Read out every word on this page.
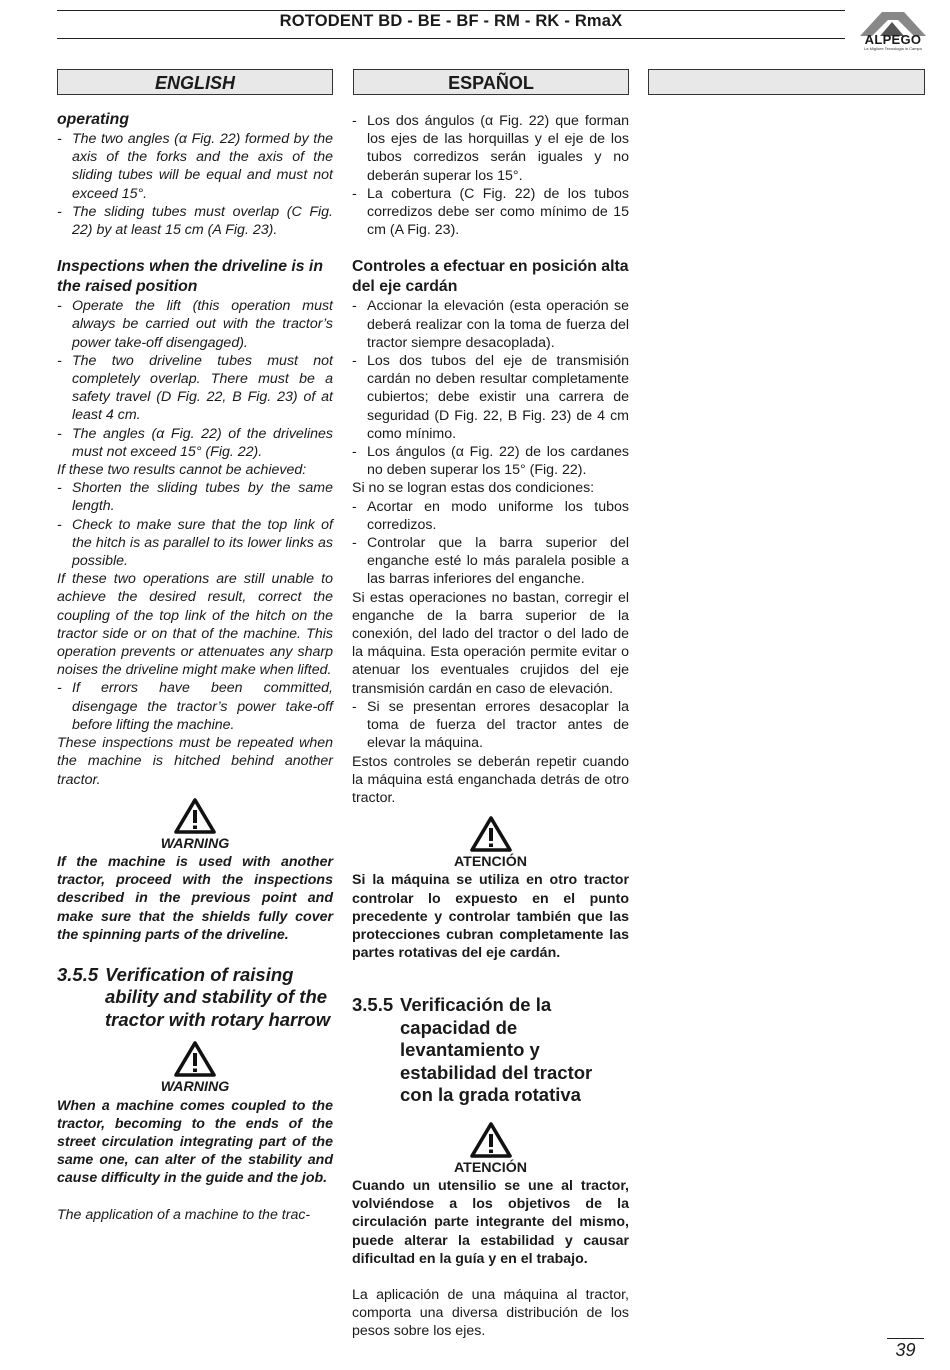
ROTODENT BD - BE - BF - RM - RK - RmaX
ALPEGO
La Migliore Tecnologia in Campo
ENGLISH	ESPAÑOL

operating

- The two angles (α Fig. 22) formed by the axis of the forks and the axis of the sliding tubes will be equal and must not exceed 15°.

- The sliding tubes must overlap (C Fig. 22) by at least 15 cm (A Fig. 23).

Inspections when the driveline is in the raised position

- Operate the lift (this operation must always be carried out with the tractor’s power take-off disengaged).

- The two driveline tubes must not completely overlap. There must be a safety travel (D Fig. 22, B Fig. 23) of at least 4 cm.

- The angles (α Fig. 22) of the drivelines must not exceed 15° (Fig. 22).

If these two results cannot be achieved:

- Shorten the sliding tubes by the same length.

- Check to make sure that the top link of the hitch is as parallel to its lower links as possible.

If these two operations are still unable to achieve the desired result, correct the coupling of the top link of the hitch on the tractor side or on that of the machine. This operation prevents or attenuates any sharp noises the driveline might make when lifted.

- If errors have been committed, disengage the tractor’s power take-off before lifting the machine.

These inspections must be repeated when the machine is hitched behind another tractor.

WARNING

If the machine is used with another tractor, proceed with the inspections described in the previous point and make sure that the shields fully cover the spinning parts of the driveline.

3.5.5 Verification of raising ability and stability of the tractor with rotary harrow

WARNING

When a machine comes coupled to the tractor, becoming to the ends of the street circulation integrating part of the same one, can alter of the stability and cause difficulty in the guide and the job.

The application of a machine to the trac-

- Los dos ángulos (α Fig. 22) que forman los ejes de las horquillas y el eje de los tubos corredizos serán iguales y no deberán superar los 15°.

- La cobertura (C Fig. 22) de los tubos corredizos debe ser como mínimo de 15 cm (A Fig. 23).

Controles a efectuar en posición alta del eje cardán

- Accionar la elevación (esta operación se deberá realizar con la toma de fuerza del tractor siempre desacoplada).

- Los dos tubos del eje de transmisión cardán no deben resultar completamente cubiertos; debe existir una carrera de seguridad (D Fig. 22, B Fig. 23) de 4 cm como mínimo.

- Los ángulos (α Fig. 22) de los cardanes no deben superar los 15° (Fig. 22).

Si no se logran estas dos condiciones:

- Acortar en modo uniforme los tubos corredizos.

- Controlar que la barra superior del enganche esté lo más paralela posible a las barras inferiores del enganche.

Si estas operaciones no bastan, corregir el enganche de la barra superior de la conexión, del lado del tractor o del lado de la máquina. Esta operación permite evitar o atenuar los eventuales crujidos del eje transmisión cardán en caso de elevación.

- Si se presentan errores desacoplar la toma de fuerza del tractor antes de elevar la máquina.

Estos controles se deberán repetir cuando la máquina está enganchada detrás de otro tractor.

ATENCIÓN

Si la máquina se utiliza en otro tractor controlar lo expuesto en el punto precedente y controlar también que las protecciones cubran completamente las partes rotativas del eje cardán.

3.5.5 Verificación de la capacidad de levantamiento y estabilidad del tractor con la grada rotativa

ATENCIÓN

Cuando un utensilio se une al tractor, volviéndose a los objetivos de la circulación parte integrante del mismo, puede alterar la estabilidad y causar dificultad en la guía y en el trabajo.

La aplicación de una máquina al tractor, comporta una diversa distribución de los pesos sobre los ejes.

39
